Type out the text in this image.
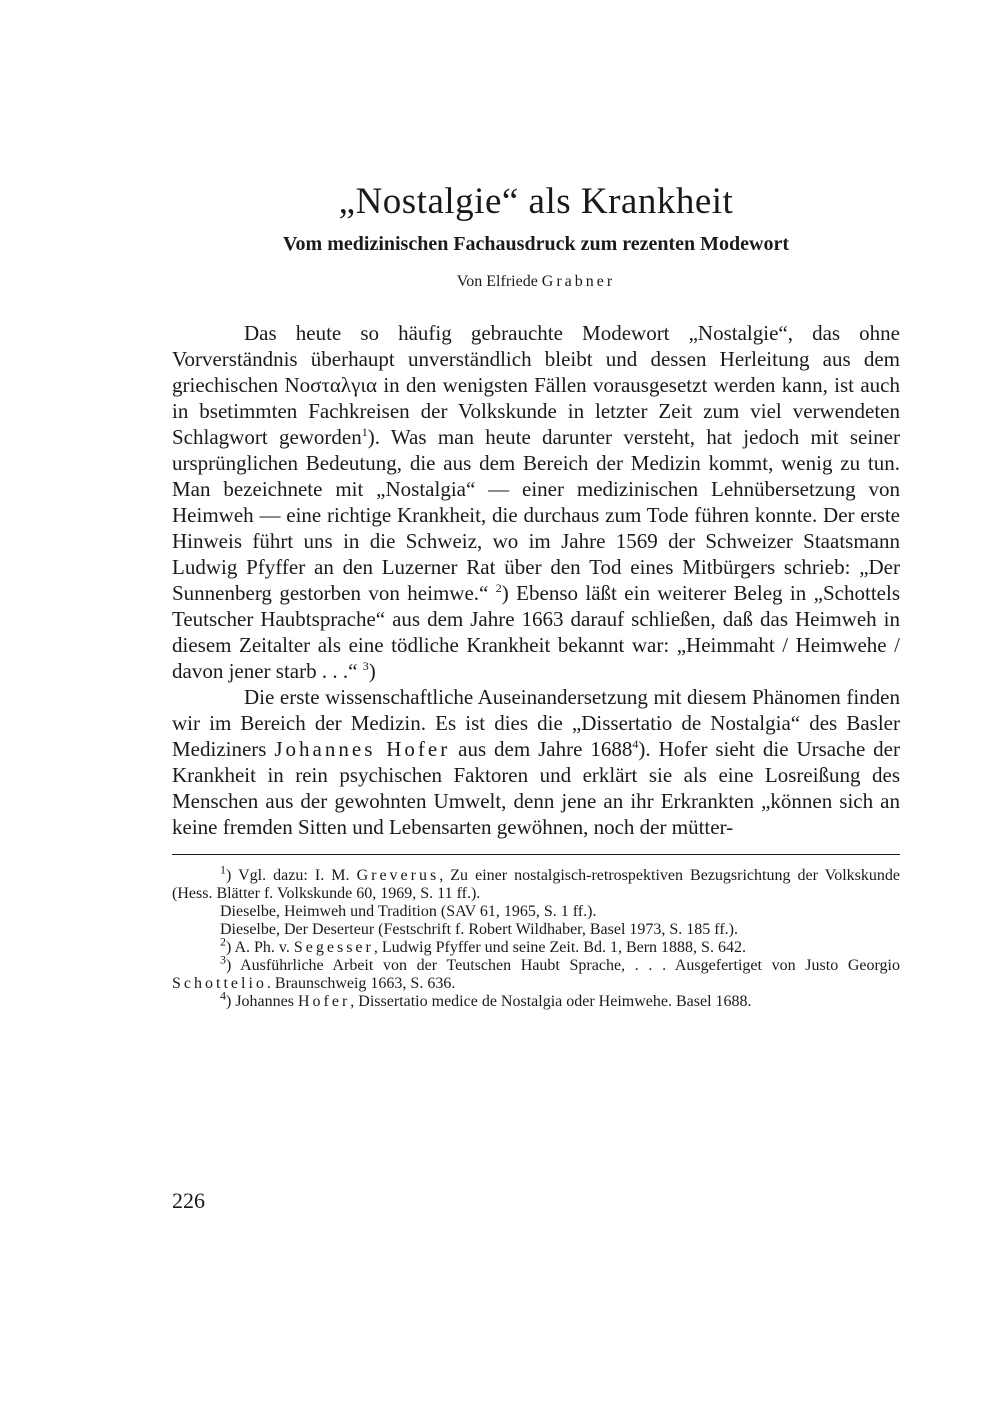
„Nostalgie“ als Krankheit
Vom medizinischen Fachausdruck zum rezenten Modewort
Von Elfriede Grabner

Das heute so häufig gebrauchte Modewort „Nostalgie“, das ohne Vorverständnis überhaupt unverständlich bleibt und dessen Herleitung aus dem griechischen Νοσταλγια in den wenigsten Fällen vorausgesetzt werden kann, ist auch in bsetimmten Fachkreisen der Volkskunde in letzter Zeit zum viel verwendeten Schlagwort geworden$^1$). Was man heute darunter versteht, hat jedoch mit seiner ursprünglichen Bedeutung, die aus dem Bereich der Medizin kommt, wenig zu tun. Man bezeichnete mit „Nostalgia“ — einer medizinischen Lehnübersetzung von Heimweh — eine richtige Krankheit, die durchaus zum Tode führen konnte. Der erste Hinweis führt uns in die Schweiz, wo im Jahre 1569 der Schweizer Staatsmann Ludwig Pfyffer an den Luzerner Rat über den Tod eines Mitbürgers schrieb: „Der Sunnenberg gestorben von heimwe.“ $^2$) Ebenso läßt ein weiterer Beleg in „Schottels Teutscher Haubtsprache“ aus dem Jahre 1663 darauf schließen, daß das Heimweh in diesem Zeitalter als eine tödliche Krankheit bekannt war: „Heimmaht / Heimwehe / davon jener starb . . .“ $^3$)

Die erste wissenschaftliche Auseinandersetzung mit diesem Phänomen finden wir im Bereich der Medizin. Es ist dies die „Dissertatio de Nostalgia“ des Basler Mediziners Johannes Hofer aus dem Jahre 1688$^4$). Hofer sieht die Ursache der Krankheit in rein psychischen Faktoren und erklärt sie als eine Losreißung des Menschen aus der gewohnten Umwelt, denn jene an ihr Erkrankten „können sich an keine fremden Sitten und Lebensarten gewöhnen, noch der mütter-

$^1$) Vgl. dazu: I. M. Greverus, Zu einer nostalgisch-retrospektiven Bezugsrichtung der Volkskunde (Hess. Blätter f. Volkskunde 60, 1969, S. 11 ff.).

Dieselbe, Heimweh und Tradition (SAV 61, 1965, S. 1 ff.).

Dieselbe, Der Deserteur (Festschrift f. Robert Wildhaber, Basel 1973, S. 185 ff.).

$^2$) A. Ph. v. Segesser, Ludwig Pfyffer und seine Zeit. Bd. 1, Bern 1888, S. 642.

$^3$) Ausführliche Arbeit von der Teutschen Haubt Sprache, . . . Ausgefertiget von Justo Georgio Schottelio. Braunschweig 1663, S. 636.

$^4$) Johannes Hofer, Dissertatio medice de Nostalgia oder Heimwehe. Basel 1688.

226
